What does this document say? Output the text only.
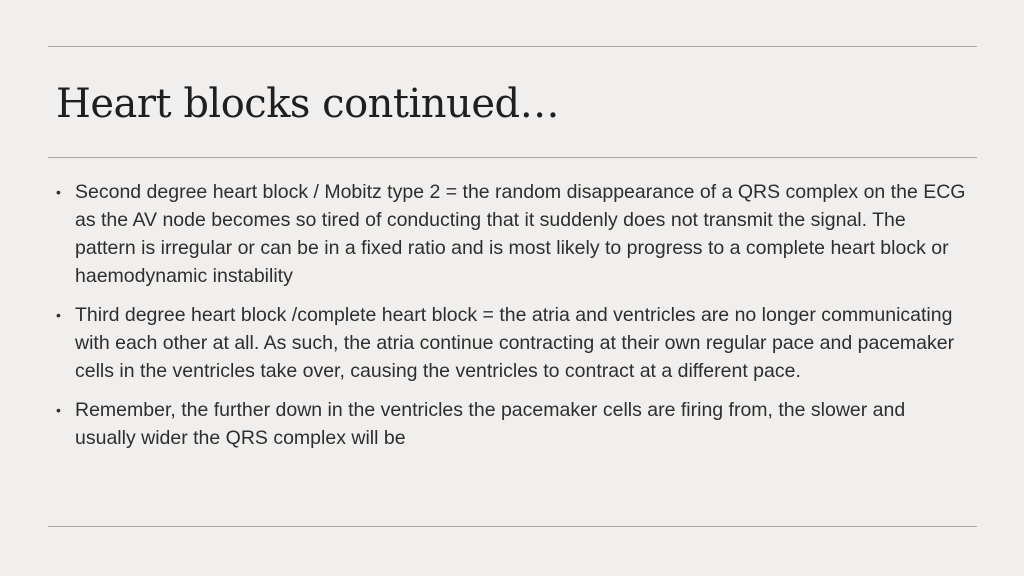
Heart blocks continued…
• Second degree heart block / Mobitz type 2 = the random disappearance of a QRS complex on the ECG as the AV node becomes so tired of conducting that it suddenly does not transmit the signal. The pattern is irregular or can be in a fixed ratio and is most likely to progress to a complete heart block or haemodynamic instability
• Third degree heart block /complete heart block = the atria and ventricles are no longer communicating with each other at all. As such, the atria continue contracting at their own regular pace and pacemaker cells in the ventricles take over, causing the ventricles to contract at a different pace.
• Remember, the further down in the ventricles the pacemaker cells are firing from, the slower and usually wider the QRS complex will be
